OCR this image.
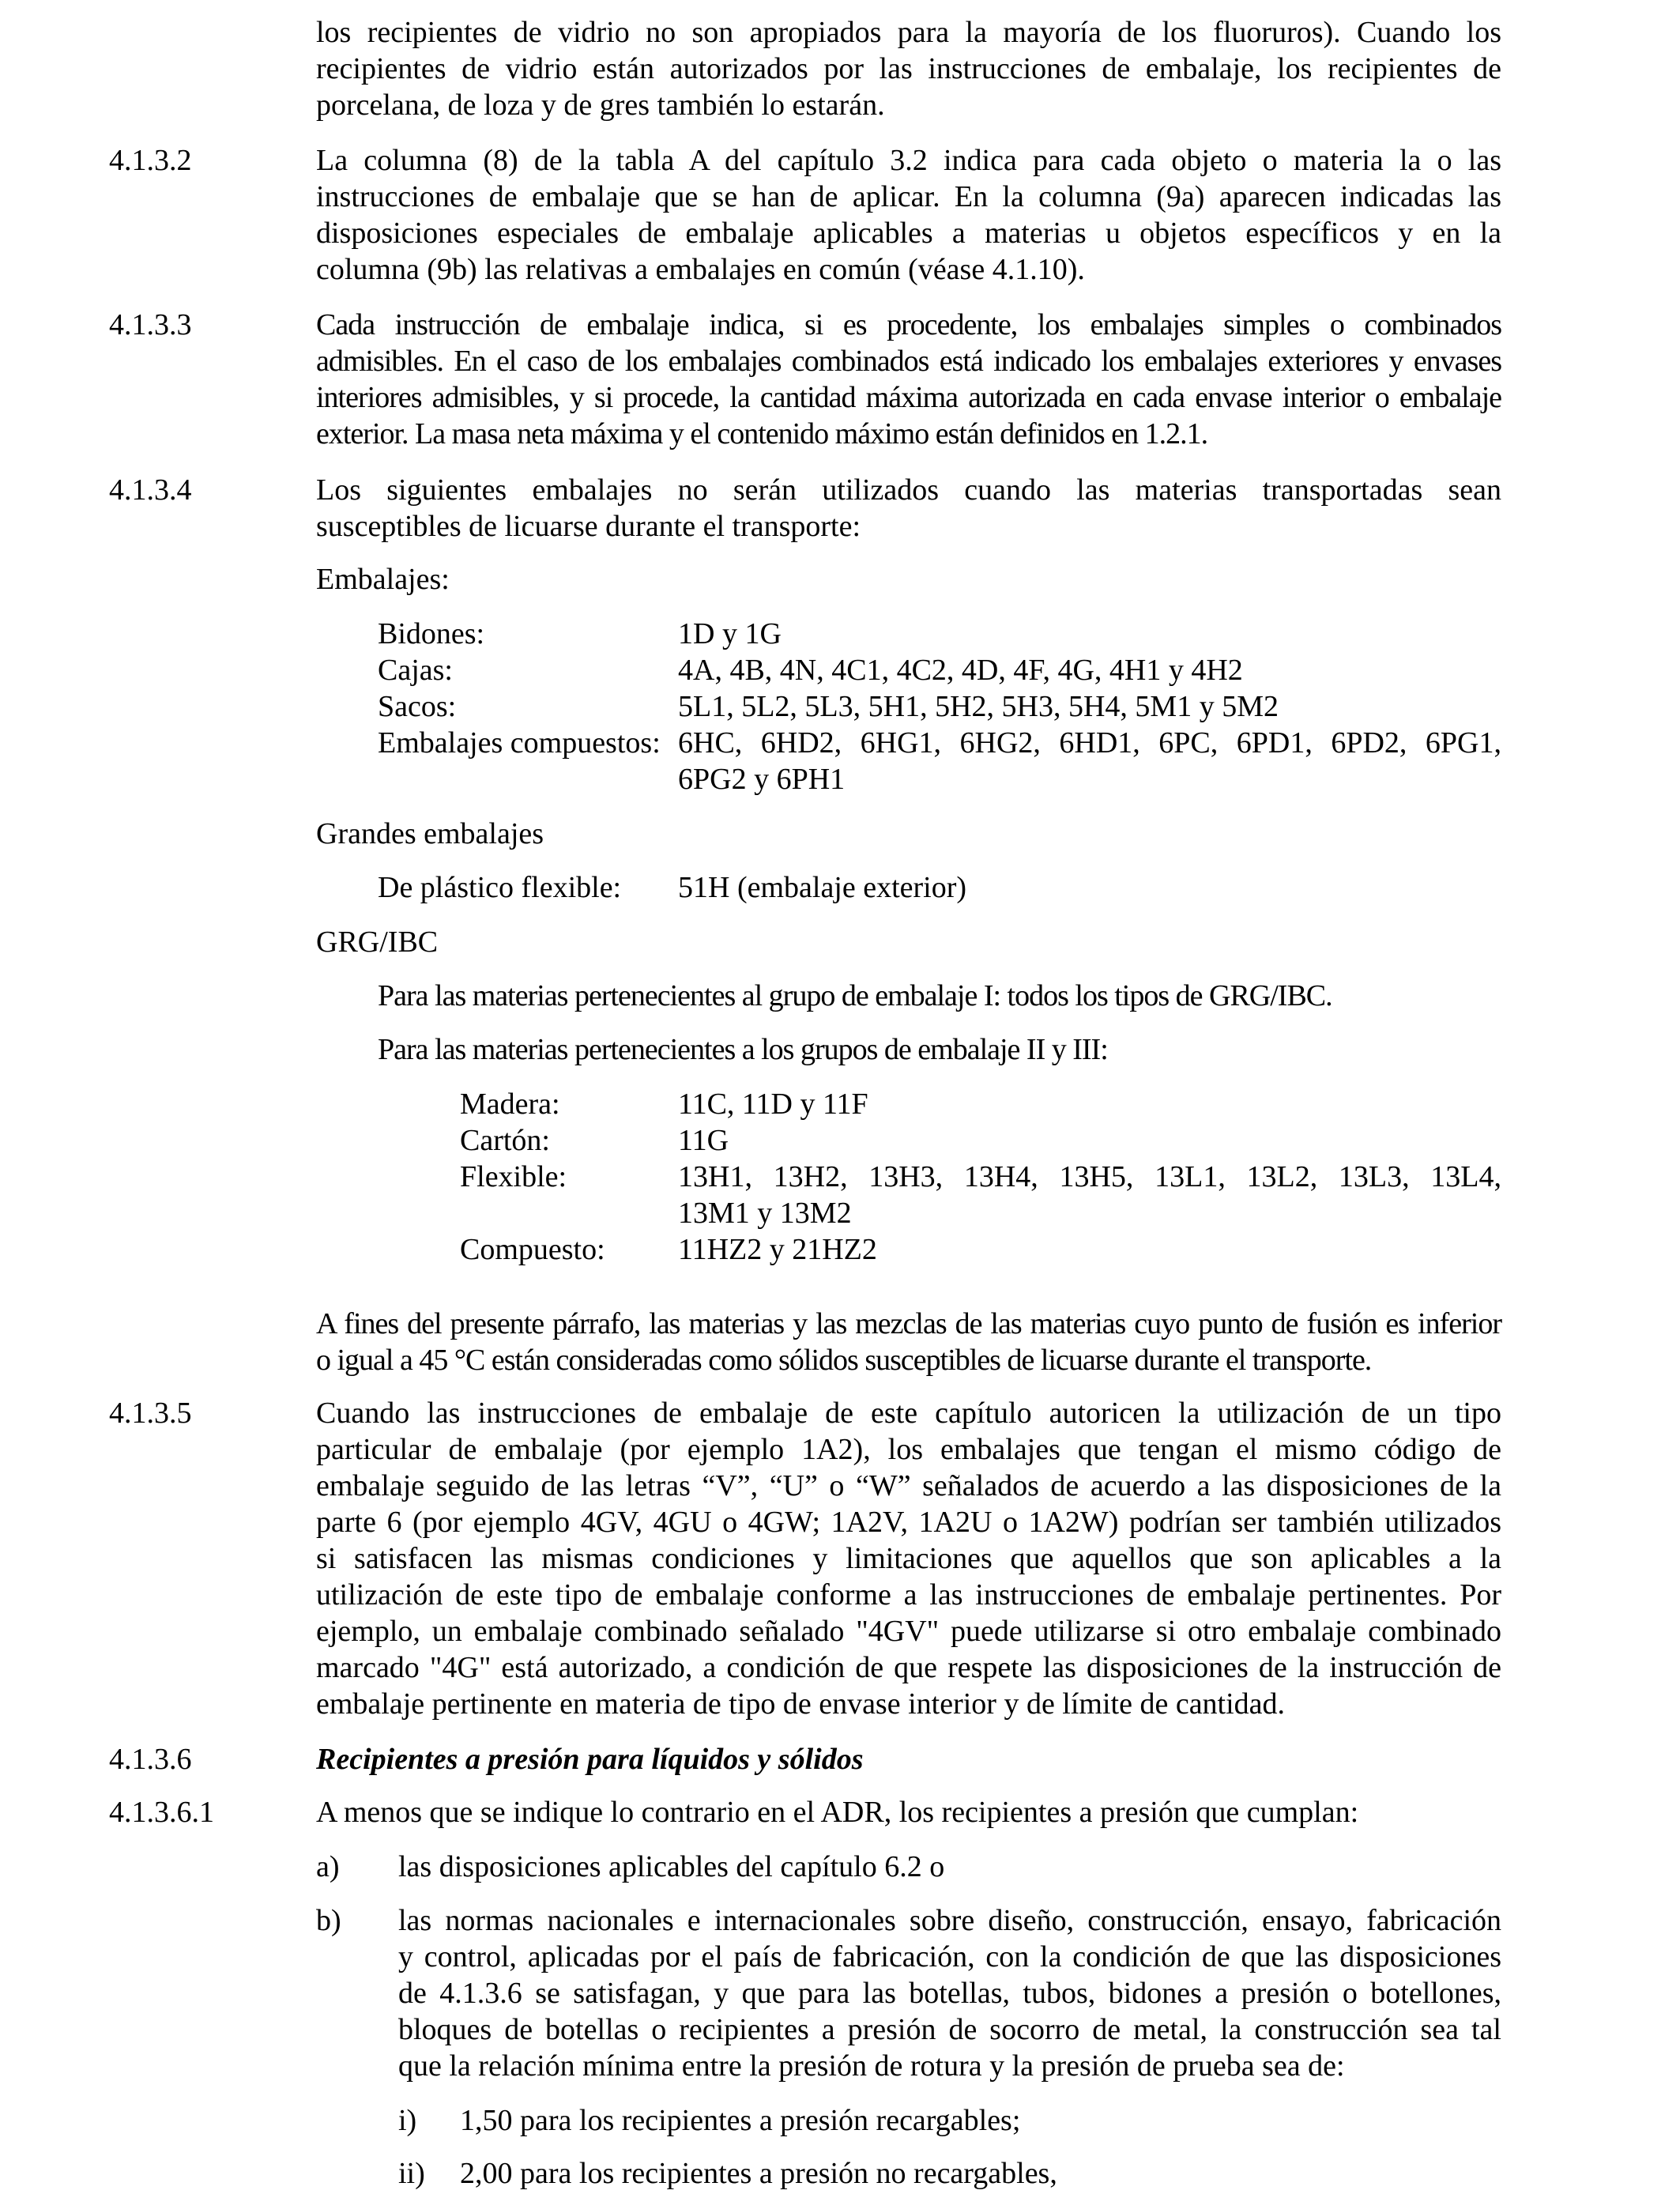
los recipientes de vidrio no son apropiados para la mayoría de los fluoruros). Cuando los
recipientes de vidrio están autorizados por las instrucciones de embalaje, los recipientes de
porcelana, de loza y de gres también lo estarán.
4.1.3.2	La columna (8) de la tabla A del capítulo 3.2 indica para cada objeto o materia la o las
instrucciones de embalaje que se han de aplicar. En la columna (9a) aparecen indicadas las
disposiciones especiales de embalaje aplicables a materias u objetos específicos y en la
columna (9b) las relativas a embalajes en común (véase 4.1.10).
4.1.3.3	Cada instrucción de embalaje indica, si es procedente, los embalajes simples o combinados
admisibles. En el caso de los embalajes combinados está indicado los embalajes exteriores y envases
interiores admisibles, y si procede, la cantidad máxima autorizada en cada envase interior o embalaje
exterior. La masa neta máxima y el contenido máximo están definidos en 1.2.1.
4.1.3.4	Los siguientes embalajes no serán utilizados cuando las materias transportadas sean
susceptibles de licuarse durante el transporte:
Embalajes:
Bidones:	1D y 1G
Cajas:	4A, 4B, 4N, 4C1, 4C2, 4D, 4F, 4G, 4H1 y 4H2
Sacos:	5L1, 5L2, 5L3, 5H1, 5H2, 5H3, 5H4, 5M1 y 5M2
Embalajes compuestos: 6HC, 6HD2, 6HG1, 6HG2, 6HD1, 6PC, 6PD1, 6PD2, 6PG1,
6PG2 y 6PH1
Grandes embalajes
De plástico flexible: 51H (embalaje exterior)
GRG/IBC
Para las materias pertenecientes al grupo de embalaje I: todos los tipos de GRG/IBC.
Para las materias pertenecientes a los grupos de embalaje II y III:
Madera:	11C, 11D y 11F
Cartón:	11G
Flexible:	13H1, 13H2, 13H3, 13H4, 13H5, 13L1, 13L2, 13L3, 13L4,
13M1 y 13M2
Compuesto: 11HZ2 y 21HZ2
A fines del presente párrafo, las materias y las mezclas de las materias cuyo punto de fusión es inferior
o igual a 45 °C están consideradas como sólidos susceptibles de licuarse durante el transporte.
4.1.3.5	Cuando las instrucciones de embalaje de este capítulo autoricen la utilización de un tipo
particular de embalaje (por ejemplo 1A2), los embalajes que tengan el mismo código de
embalaje seguido de las letras “V”, “U” o “W” señalados de acuerdo a las disposiciones de la
parte 6 (por ejemplo 4GV, 4GU o 4GW; 1A2V, 1A2U o 1A2W) podrían ser también utilizados
si satisfacen las mismas condiciones y limitaciones que aquellos que son aplicables a la
utilización de este tipo de embalaje conforme a las instrucciones de embalaje pertinentes. Por
ejemplo, un embalaje combinado señalado "4GV" puede utilizarse si otro embalaje combinado
marcado "4G" está autorizado, a condición de que respete las disposiciones de la instrucción de
embalaje pertinente en materia de tipo de envase interior y de límite de cantidad.
4.1.3.6	Recipientes a presión para líquidos y sólidos
4.1.3.6.1	A menos que se indique lo contrario en el ADR, los recipientes a presión que cumplan:
a) las disposiciones aplicables del capítulo 6.2 o
b) las normas nacionales e internacionales sobre diseño, construcción, ensayo, fabricación
y control, aplicadas por el país de fabricación, con la condición de que las disposiciones
de 4.1.3.6 se satisfagan, y que para las botellas, tubos, bidones a presión o botellones,
bloques de botellas o recipientes a presión de socorro de metal, la construcción sea tal
que la relación mínima entre la presión de rotura y la presión de prueba sea de:
i) 1,50 para los recipientes a presión recargables;
ii) 2,00 para los recipientes a presión no recargables,
